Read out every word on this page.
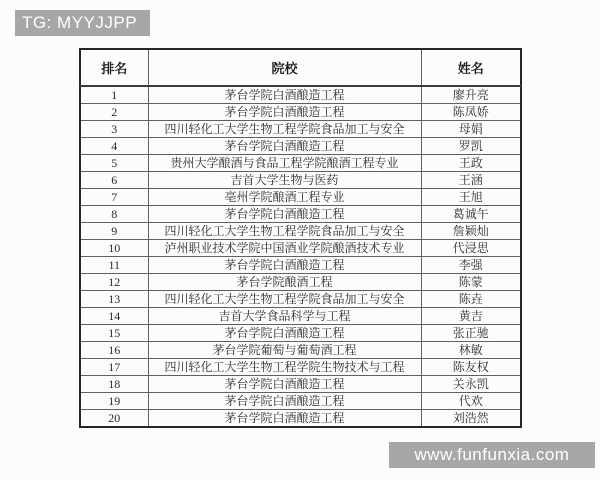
TG: MYYJJPP
排名	院校	姓名
1	茅台学院白酒酿造工程	廖升亮
2	茅台学院白酒酿造工程	陈凤娇
3	四川轻化工大学生物工程学院食品加工与安全	母娟
4	茅台学院白酒酿造工程	罗凯
5	贵州大学酿酒与食品工程学院酿酒工程专业	王政
6	吉首大学生物与医药	王涵
7	亳州学院酿酒工程专业	王旭
8	茅台学院白酒酿造工程	葛诚午
9	四川轻化工大学生物工程学院食品加工与安全	詹颖灿
10	泸州职业技术学院中国酒业学院酿酒技术专业	代浸思
11	茅台学院白酒酿造工程	李强
12	茅台学院酿酒工程	陈蒙
13	四川轻化工大学生物工程学院食品加工与安全	陈垚
14	吉首大学食品科学与工程	黄吉
15	茅台学院白酒酿造工程	张正驰
16	茅台学院葡萄与葡萄酒工程	林敏
17	四川轻化工大学生物工程学院生物技术与工程	陈友权
18	茅台学院白酒酿造工程	关永凯
19	茅台学院白酒酿造工程	代欢
20	茅台学院白酒酿造工程	刘浩然
www.funfunxia.com
